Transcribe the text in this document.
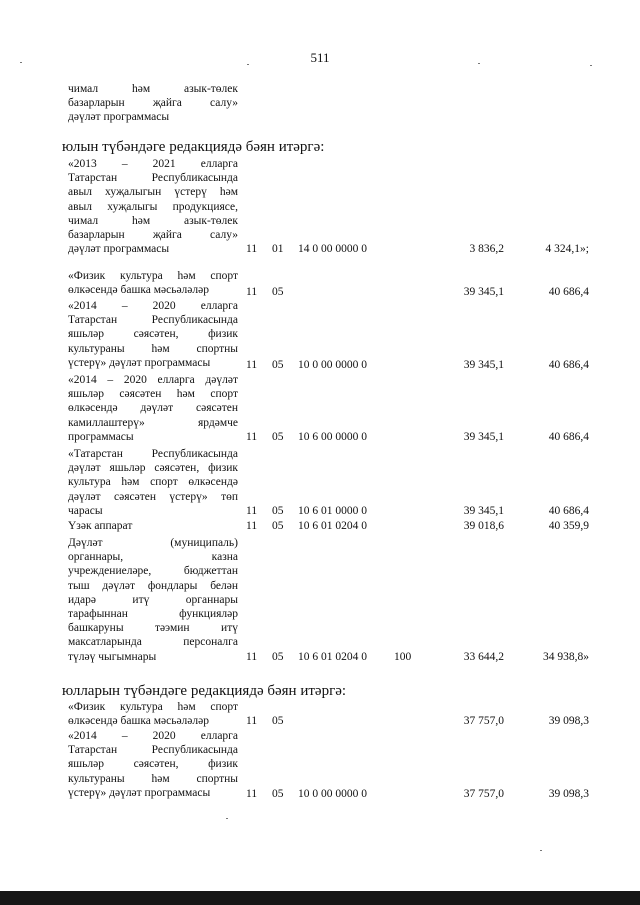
511
чимал һәм азык-төлек
базарларын җайга салу»
дәүләт программасы
юлын түбәндәге редакциядә бәян итәргә:
«2013 – 2021 елларга
Татарстан Республикасында
авыл хуҗалыгын үстерү һәм
авыл хуҗалыгы продукциясе,
чимал һәм азык-төлек
базарларын җайга салу»
дәүләт программасы	11 01 14 0 00 0000 0	3 836,2	4 324,1»;
«Физик культура һәм спорт
өлкәсендә башка мәсьәләләр	11 05	39 345,1	40 686,4
«2014 – 2020 елларга
Татарстан Республикасында
яшьләр сәясәтен, физик
культураны һәм спортны
үстерү» дәүләт программасы	11 05 10 0 00 0000 0	39 345,1	40 686,4
«2014 – 2020 елларга дәүләт
яшьләр сәясәтен һәм спорт
өлкәсендә дәүләт сәясәтен
камиллаштерү» ярдәмче
программасы	11 05 10 6 00 0000 0	39 345,1	40 686,4
«Татарстан Республикасында
дәүләт яшьләр сәясәтен, физик
культура һәм спорт өлкәсендә
дәүләт сәясәтен үстерү» төп
чарасы	11 05 10 6 01 0000 0	39 345,1	40 686,4
Үзәк аппарат	11 05 10 6 01 0204 0	39 018,6	40 359,9
Дәүләт (муниципаль)
органнары, казна
учреждениеләре, бюджеттан
тыш дәүләт фондлары белән
идарә итү органнары
тарафыннан функцияләр
башкаруны тәэмин итү
максатларында персоналга
түләү чыгымнары	11 05 10 6 01 0204 0 100	33 644,2	34 938,8»
юлларын түбәндәге редакциядә бәян итәргә:
«Физик культура һәм спорт
өлкәсендә башка мәсьәләләр	11 05	37 757,0	39 098,3
«2014 – 2020 елларга
Татарстан Республикасында
яшьләр сәясәтен, физик
культураны һәм спортны
үстерү» дәүләт программасы	11 05 10 0 00 0000 0	37 757,0	39 098,3
